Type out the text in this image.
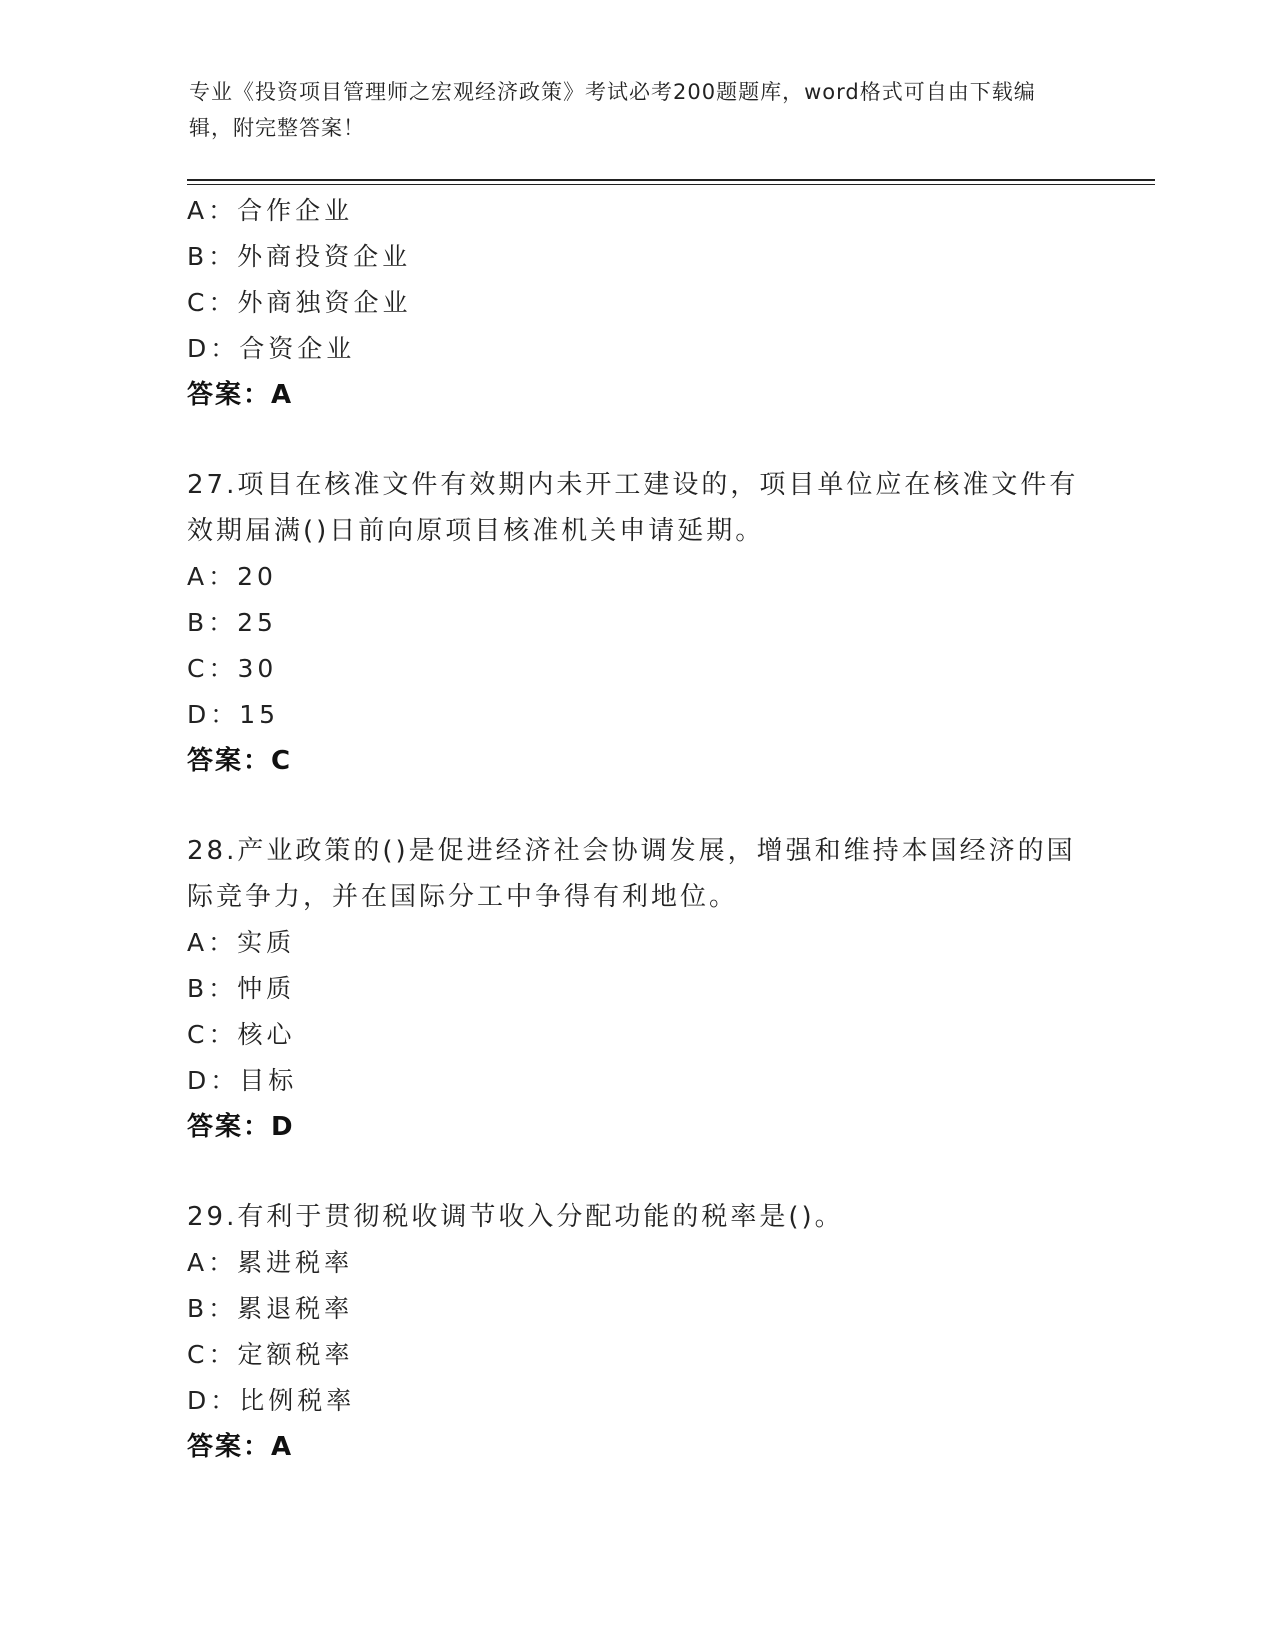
专业《投资项目管理师之宏观经济政策》考试必考200题题库，word格式可自由下载编辑，附完整答案！
A：合作企业
B：外商投资企业
C：外商独资企业
D：合资企业
答案：A
27.项目在核准文件有效期内未开工建设的，项目单位应在核准文件有效期届满()日前向原项目核准机关申请延期。
A：20
B：25
C：30
D：15
答案：C
28.产业政策的()是促进经济社会协调发展，增强和维持本国经济的国际竞争力，并在国际分工中争得有利地位。
A：实质
B：忡质
C：核心
D：目标
答案：D
29.有利于贯彻税收调节收入分配功能的税率是()。
A：累进税率
B：累退税率
C：定额税率
D：比例税率
答案：A
